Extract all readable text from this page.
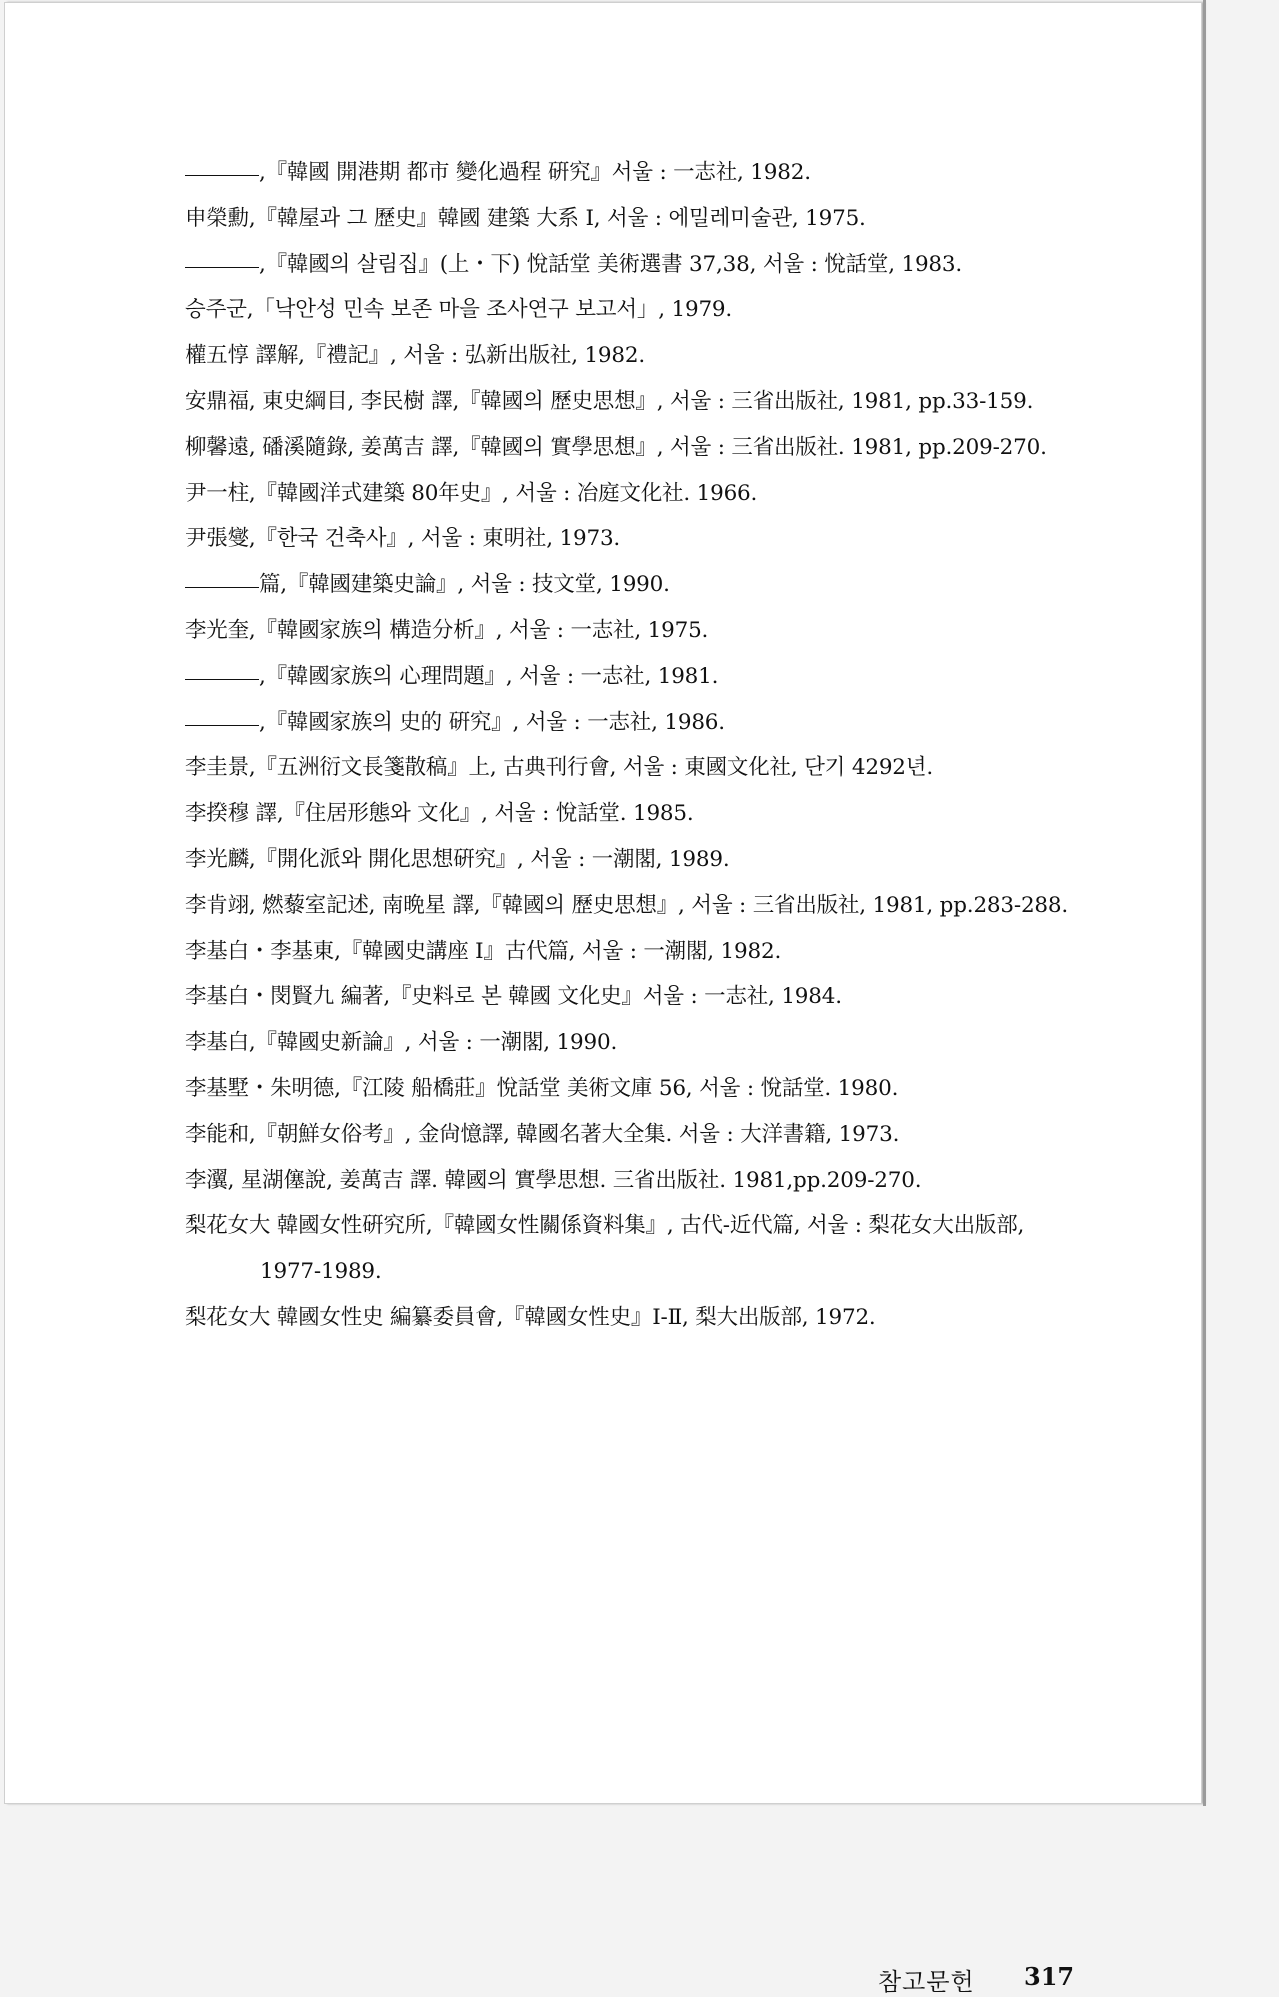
,『韓國 開港期 都市 變化過程 硏究』서울 : 一志社, 1982.
申榮勳,『韓屋과 그 歷史』韓國 建築 大系 I, 서울 : 에밀레미술관, 1975.
,『韓國의 살림집』(上・下) 悅話堂 美術選書 37,38, 서울 : 悅話堂, 1983.
승주군,「낙안성 민속 보존 마을 조사연구 보고서」, 1979.
權五惇 譯解,『禮記』, 서울 : 弘新出版社, 1982.
安鼎福, 東史綱目, 李民樹 譯,『韓國의 歷史思想』, 서울 : 三省出版社, 1981, pp.33-159.
柳馨遠, 磻溪隨錄, 姜萬吉 譯,『韓國의 實學思想』, 서울 : 三省出版社. 1981, pp.209-270.
尹一柱,『韓國洋式建築 80年史』, 서울 : 冶庭文化社. 1966.
尹張燮,『한국 건축사』, 서울 : 東明社, 1973.
篇,『韓國建築史論』, 서울 : 技文堂, 1990.
李光奎,『韓國家族의 構造分析』, 서울 : 一志社, 1975.
,『韓國家族의 心理問題』, 서울 : 一志社, 1981.
,『韓國家族의 史的 硏究』, 서울 : 一志社, 1986.
李圭景,『五洲衍文長箋散稿』上, 古典刊行會, 서울 : 東國文化社, 단기 4292년.
李揆穆 譯,『住居形態와 文化』, 서울 : 悅話堂. 1985.
李光麟,『開化派와 開化思想硏究』, 서울 : 一潮閣, 1989.
李肯翊, 燃藜室記述, 南晩星 譯,『韓國의 歷史思想』, 서울 : 三省出版社, 1981, pp.283-288.
李基白・李基東,『韓國史講座 I』古代篇, 서울 : 一潮閣, 1982.
李基白・閔賢九 編著,『史料로 본 韓國 文化史』서울 : 一志社, 1984.
李基白,『韓國史新論』, 서울 : 一潮閣, 1990.
李基墅・朱明德,『江陵 船橋莊』悅話堂 美術文庫 56, 서울 : 悅話堂. 1980.
李能和,『朝鮮女俗考』, 金尙憶譯, 韓國名著大全集. 서울 : 大洋書籍, 1973.
李瀷, 星湖僿說, 姜萬吉 譯. 韓國의 實學思想. 三省出版社. 1981,pp.209-270.
梨花女大 韓國女性硏究所,『韓國女性關係資料集』, 古代-近代篇, 서울 : 梨花女大出版部, 1977-1989.
梨花女大 韓國女性史 編纂委員會,『韓國女性史』Ⅰ-Ⅱ, 梨大出版部, 1972.
참고문헌 317
